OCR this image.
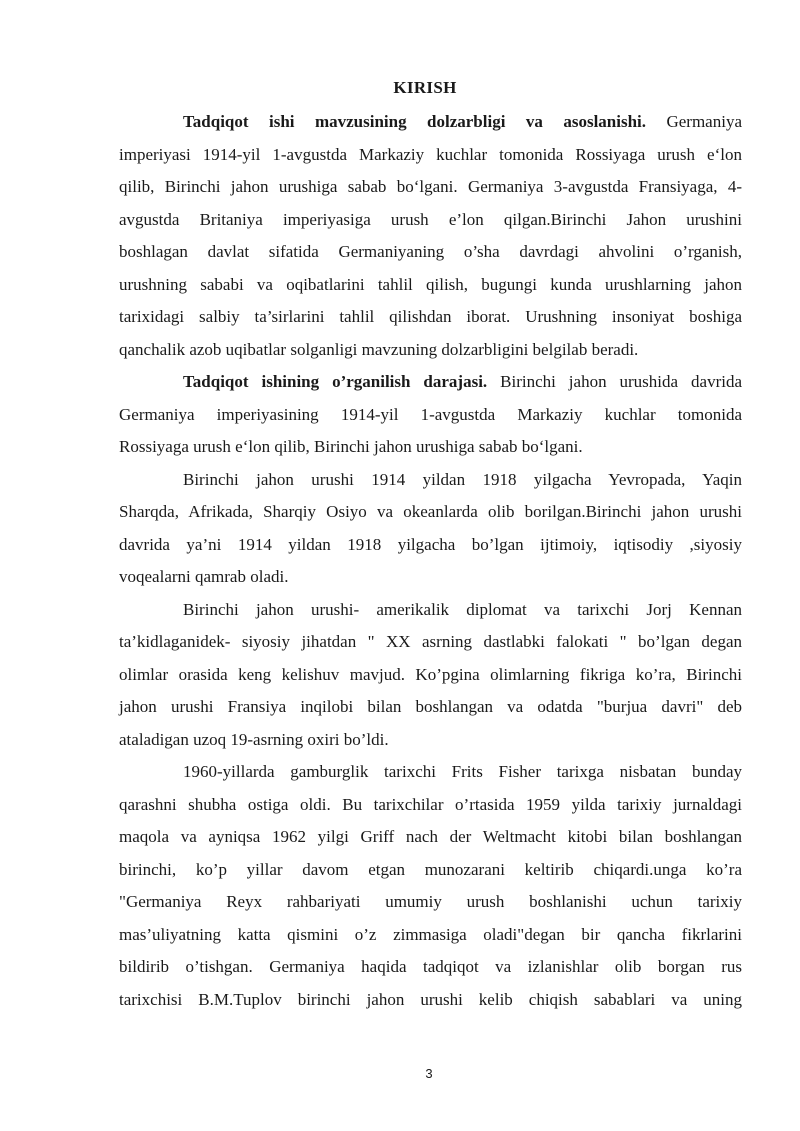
KIRISH
Tadqiqot ishi mavzusining dolzarbligi va asoslanishi. Germaniya
imperiyasi 1914-yil 1-avgustda Markaziy kuchlar tomonida Rossiyaga urush e‘lon
qilib, Birinchi jahon urushiga sabab bo‘lgani. Germaniya 3-avgustda Fransiyaga, 4-
avgustda Britaniya imperiyasiga urush e’lon qilgan.Birinchi Jahon urushini
boshlagan davlat sifatida Germaniyaning o’sha davrdagi ahvolini o’rganish,
urushning sababi va oqibatlarini tahlil qilish, bugungi kunda urushlarning jahon
tarixidagi salbiy ta’sirlarini tahlil qilishdan iborat. Urushning insoniyat boshiga
qanchalik azob uqibatlar solganligi mavzuning dolzarbligini belgilab beradi.
Tadqiqot ishining o’rganilish darajasi. Birinchi jahon urushida davrida
Germaniya imperiyasining 1914-yil 1-avgustda Markaziy kuchlar tomonida
Rossiyaga urush e‘lon qilib, Birinchi jahon urushiga sabab bo‘lgani.
Birinchi jahon urushi 1914 yildan 1918 yilgacha Yevropada, Yaqin
Sharqda, Afrikada, Sharqiy Osiyo va okeanlarda olib borilgan.Birinchi jahon urushi
davrida ya’ni 1914 yildan 1918 yilgacha bo’lgan ijtimoiy, iqtisodiy ,siyosiy
voqealarni qamrab oladi.
Birinchi jahon urushi- amerikalik diplomat va tarixchi Jorj Kennan
ta’kidlaganidek- siyosiy jihatdan " XX asrning dastlabki falokati " bo’lgan degan
olimlar orasida keng kelishuv mavjud. Ko’pgina olimlarning fikriga ko’ra, Birinchi
jahon urushi Fransiya inqilobi bilan boshlangan va odatda "burjua davri" deb
ataladigan uzoq 19-asrning oxiri bo’ldi.
1960-yillarda gamburglik tarixchi Frits Fisher tarixga nisbatan bunday
qarashni shubha ostiga oldi. Bu tarixchilar o’rtasida 1959 yilda tarixiy jurnaldagi
maqola va ayniqsa 1962 yilgi Griff nach der Weltmacht kitobi bilan boshlangan
birinchi, ko’p yillar davom etgan munozarani keltirib chiqardi.unga ko’ra
"Germaniya Reyx rahbariyati umumiy urush boshlanishi uchun tarixiy
mas’uliyatning katta qismini o’z zimmasiga oladi"degan bir qancha fikrlarini
bildirib o’tishgan. Germaniya haqida tadqiqot va izlanishlar olib borgan rus
tarixchisi B.M.Tuplov birinchi jahon urushi kelib chiqish sabablari va uning
3
